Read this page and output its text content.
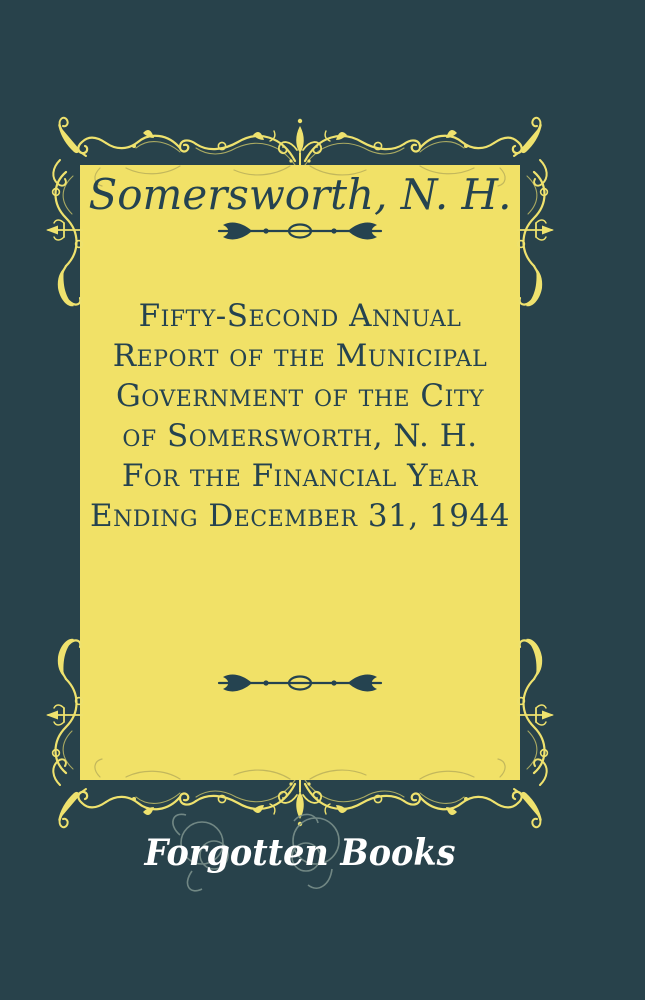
Somersworth, N. H.
Fifty-Second Annual
Report of the Municipal
Government of the City
of Somersworth, N. H.
For the Financial Year
Ending December 31, 1944
Forgotten Books
